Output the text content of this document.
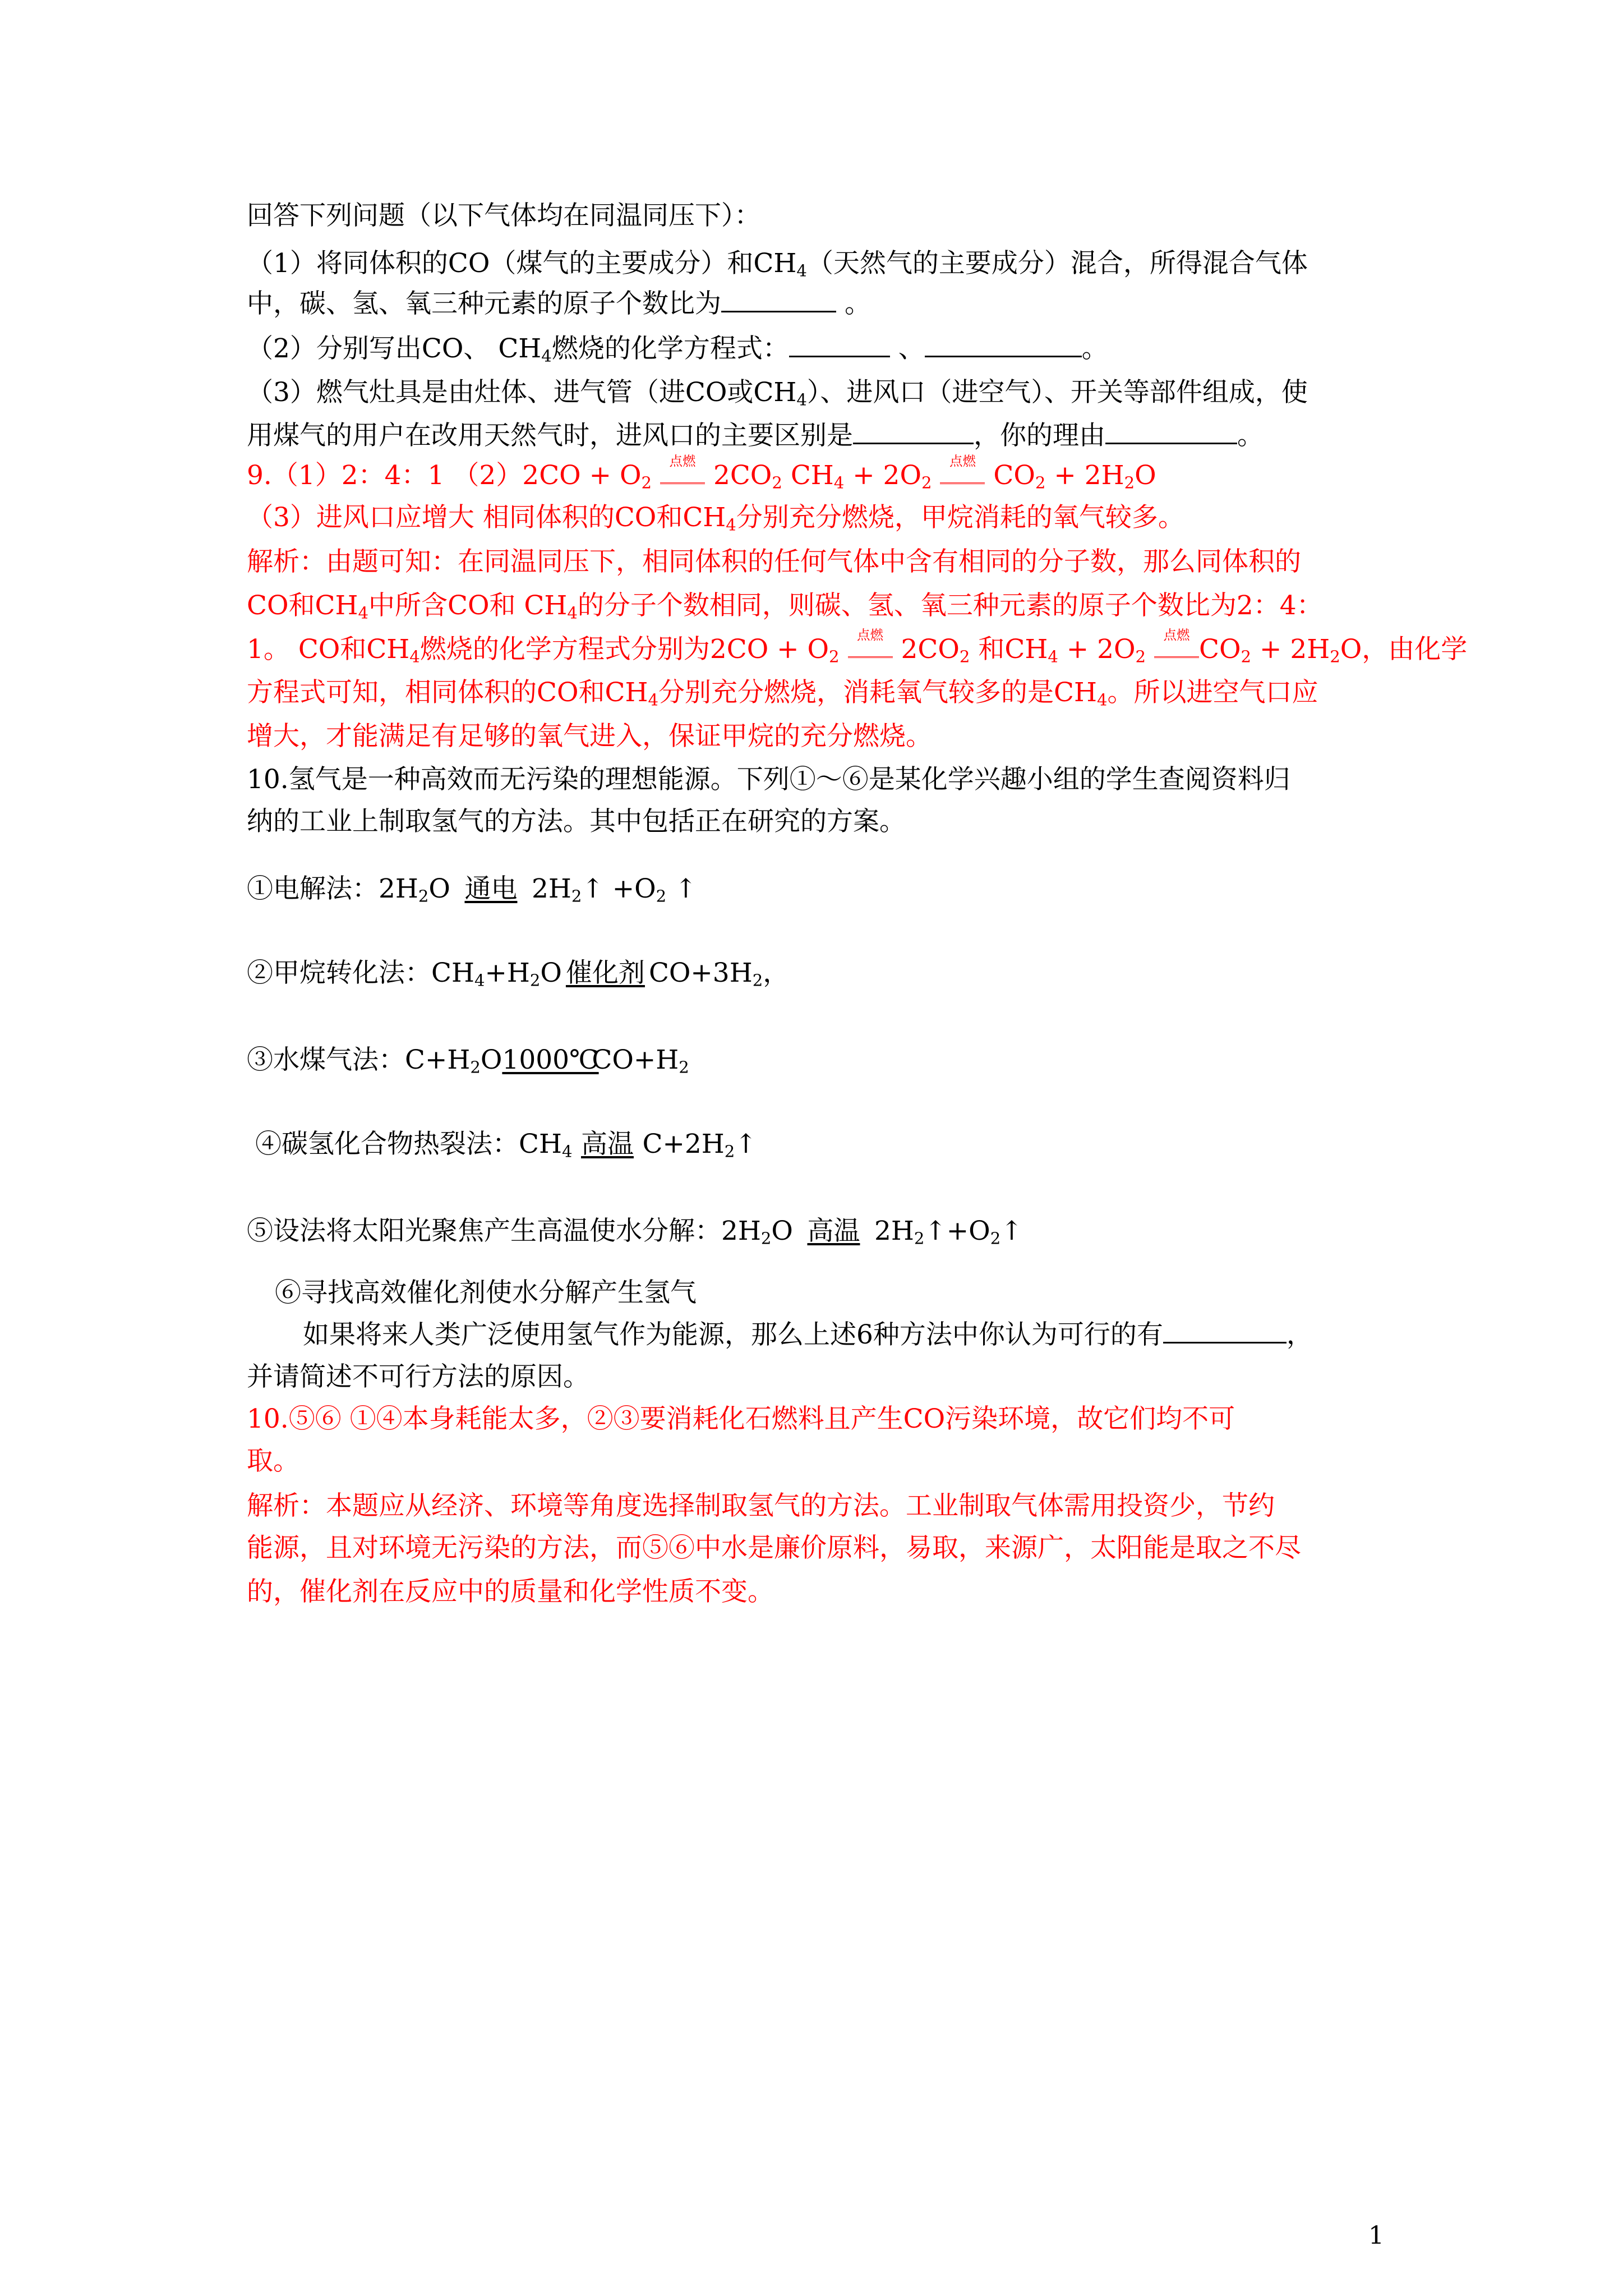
回答下列问题（以下气体均在同温同压下）：
（1）将同体积的CO（煤气的主要成分）和$CH_4$（天然气的主要成分）混合，所得混合气体
中，碳、氢、氧三种元素的原子个数比为	。
（2）分别写出CO、 $CH_4$燃烧的化学方程式：	、	。
（3）燃气灶具是由灶体、进气管（进CO或$CH_4$）、进风口（进空气）、开关等部件组成，使
用煤气的用户在改用天然气时，进风口的主要区别是	，你的理由	。
9.（1）2：4：1 $(2)2CO + O_2$
点燃 $2CO_2$ $CH_4 + 2O_2$
点燃 $CO_2 + 2H_2O$
（3）进风口应增大 相同体积的CO和$CH_4$分别充分燃烧，甲烷消耗的氧气较多。
解析：由题可知：在同温同压下，相同体积的任何气体中含有相同的分子数，那么同体积的
CO和$CH_4$中所含CO和 $CH_4$的分子个数相同，则碳、氢、氧三种元素的原子个数比为2：4：
1。 CO和$CH_4$燃烧的化学方程式分别为$2CO + O_2$
点燃 $2CO_2$ 和$CH_4 + 2O_2$
点燃 $CO_2 + 2H_2O$，由化学
方程式可知，相同体积的CO和$CH_4$分别充分燃烧，消耗氧气较多的是$CH_4$。所以进空气口应
增大，才能满足有足够的氧气进入，保证甲烷的充分燃烧。
10.氢气是一种高效而无污染的理想能源。下列①～⑥是某化学兴趣小组的学生查阅资料归
纳的工业上制取氢气的方法。其中包括正在研究的方案。
①电解法：$2H_2O$ 通电 $2H_2↑ +O_2$ ↑
②甲烷转化法：$CH_4+H_2O$ 催化剂 $CO+3H_2$，
③水煤气法：$C+H_2O$ 1000℃
$CO+H_2$
④碳氢化合物热裂法：$CH_4$ 高温 $C+2H_2↑$
⑤设法将太阳光聚焦产生高温使水分解：$2H_2O$ 高温 $2H_2↑+O_2↑$
⑥寻找高效催化剂使水分解产生氢气
如果将来人类广泛使用氢气作为能源，那么上述6种方法中你认为可行的有	，
并请简述不可行方法的原因。
10.⑤⑥ ①④本身耗能太多，②③要消耗化石燃料且产生CO污染环境，故它们均不可
取。
解析：本题应从经济、环境等角度选择制取氢气的方法。工业制取气体需用投资少，节约
能源，且对环境无污染的方法，而⑤⑥中水是廉价原料，易取，来源广，太阳能是取之不尽
的，催化剂在反应中的质量和化学性质不变。
1
